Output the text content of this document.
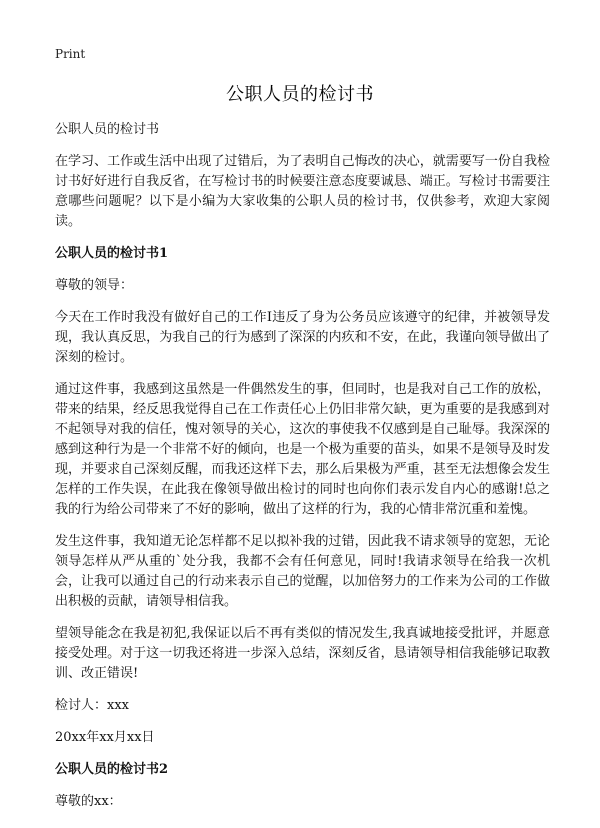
Print
公职人员的检讨书

公职人员的检讨书

在学习、工作或生活中出现了过错后，为了表明自己悔改的决心，就需要写一份自我检讨书好好进行自我反省，在写检讨书的时候要注意态度要诚恳、端正。写检讨书需要注意哪些问题呢？以下是小编为大家收集的公职人员的检讨书，仅供参考，欢迎大家阅读。

公职人员的检讨书1

尊敬的领导：

今天在工作时我没有做好自己的工作I违反了身为公务员应该遵守的纪律，并被领导发现，我认真反思，为我自己的行为感到了深深的内疚和不安，在此，我谨向领导做出了深刻的检讨。

通过这件事，我感到这虽然是一件偶然发生的事，但同时，也是我对自己工作的放松，带来的结果，经反思我觉得自己在工作责任心上仍旧非常欠缺，更为重要的是我感到对不起领导对我的信任，愧对领导的关心，这次的事使我不仅感到是自己耻辱。我深深的感到这种行为是一个非常不好的倾向，也是一个极为重要的苗头，如果不是领导及时发现，并要求自己深刻反醒，而我还这样下去，那么后果极为严重，甚至无法想像会发生怎样的工作失误，在此我在像领导做出检讨的同时也向你们表示发自内心的感谢!总之我的行为给公司带来了不好的影响，做出了这样的行为，我的心情非常沉重和羞愧。

发生这件事，我知道无论怎样都不足以拟补我的过错，因此我不请求领导的宽恕，无论领导怎样从严从重的`处分我，我都不会有任何意见，同时!我请求领导在给我一次机会，让我可以通过自己的行动来表示自己的觉醒，以加倍努力的工作来为公司的工作做出积极的贡献，请领导相信我。

望领导能念在我是初犯,我保证以后不再有类似的情况发生,我真诚地接受批评，并愿意接受处理。对于这一切我还将进一步深入总结，深刻反省，恳请领导相信我能够记取教训、改正错误!

检讨人：xxx

20xx年xx月xx日

公职人员的检讨书2

尊敬的xx：
